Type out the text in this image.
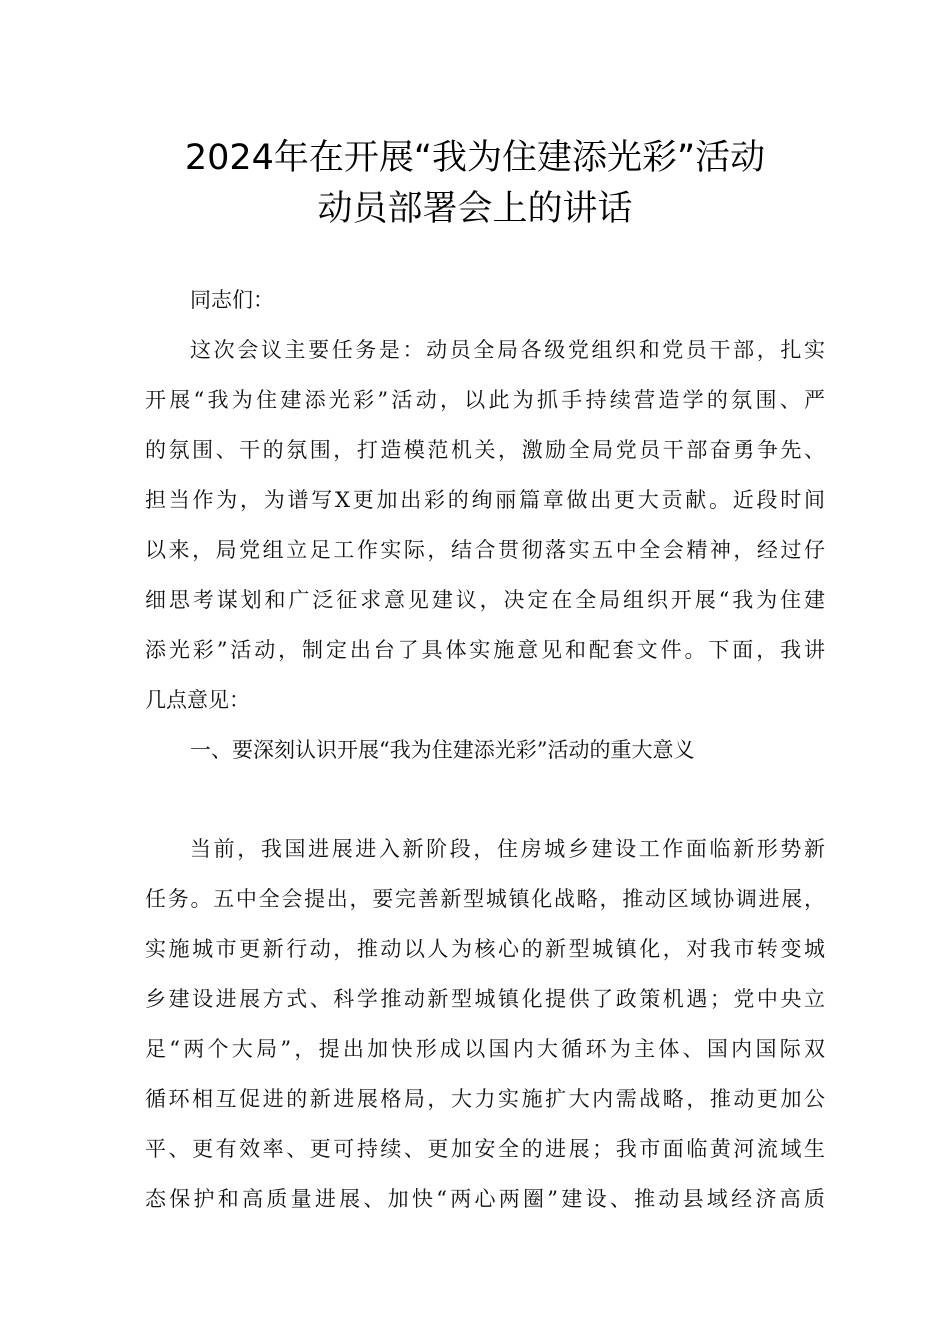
2024年在开展“我为住建添光彩”活动
动员部署会上的讲话
同志们：
这次会议主要任务是：动员全局各级党组织和党员干部，扎实
开展“我为住建添光彩”活动，以此为抓手持续营造学的氛围、严
的氛围、干的氛围，打造模范机关，激励全局党员干部奋勇争先、
担当作为，为谱写X更加出彩的绚丽篇章做出更大贡献。近段时间
以来，局党组立足工作实际，结合贯彻落实五中全会精神，经过仔
细思考谋划和广泛征求意见建议，决定在全局组织开展“我为住建
添光彩”活动，制定出台了具体实施意见和配套文件。下面，我讲
几点意见：
一、要深刻认识开展“我为住建添光彩”活动的重大意义
当前，我国进展进入新阶段，住房城乡建设工作面临新形势新
任务。五中全会提出，要完善新型城镇化战略，推动区域协调进展，
实施城市更新行动，推动以人为核心的新型城镇化，对我市转变城
乡建设进展方式、科学推动新型城镇化提供了政策机遇；党中央立
足“两个大局”，提出加快形成以国内大循环为主体、国内国际双
循环相互促进的新进展格局，大力实施扩大内需战略，推动更加公
平、更有效率、更可持续、更加安全的进展；我市面临黄河流域生
态保护和高质量进展、加快“两心两圈”建设、推动县域经济高质
